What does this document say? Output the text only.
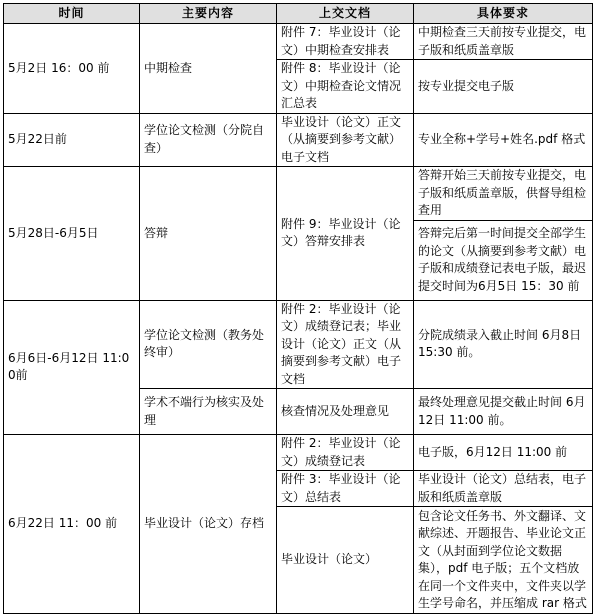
时间	主要内容	上交文档	具体要求
5月2日 16：00 前	中期检查	附件 7：毕业设计（论文）中期检查安排表	中期检查三天前按专业提交，电子版和纸质盖章版
		附件 8：毕业设计（论文）中期检查论文情况汇总表	按专业提交电子版
5月22日前	学位论文检测（分院自查）	毕业设计（论文）正文（从摘要到参考文献）电子文档	专业全称+学号+姓名.pdf 格式
5月28日-6月5日	答辩	附件 9：毕业设计（论文）答辩安排表	答辩开始三天前按专业提交，电子版和纸质盖章版，供督导组检查用
			答辩完后第一时间提交全部学生的论文（从摘要到参考文献）电子版和成绩登记表电子版，最迟提交时间为6月5日 15：30 前
6月6日-6月12日 11:00前	学位论文检测（教务处终审）	附件 2：毕业设计（论文）成绩登记表；毕业设计（论文）正文（从摘要到参考文献）电子文档	分院成绩录入截止时间 6月8日 15:30 前。
	学术不端行为核实及处理	核查情况及处理意见	最终处理意见提交截止时间 6月12日 11:00 前。
6月22日 11：00 前	毕业设计（论文）存档	附件 2：毕业设计（论文）成绩登记表	电子版，6月12日 11:00 前
		附件 3：毕业设计（论文）总结表	毕业设计（论文）总结表，电子版和纸质盖章版
		毕业设计（论文）	包含论文任务书、外文翻译、文献综述、开题报告、毕业论文正文（从封面到学位论文数据集），pdf 电子版；五个文档放在同一个文件夹中，文件夹以学生学号命名，并压缩成 rar 格式
